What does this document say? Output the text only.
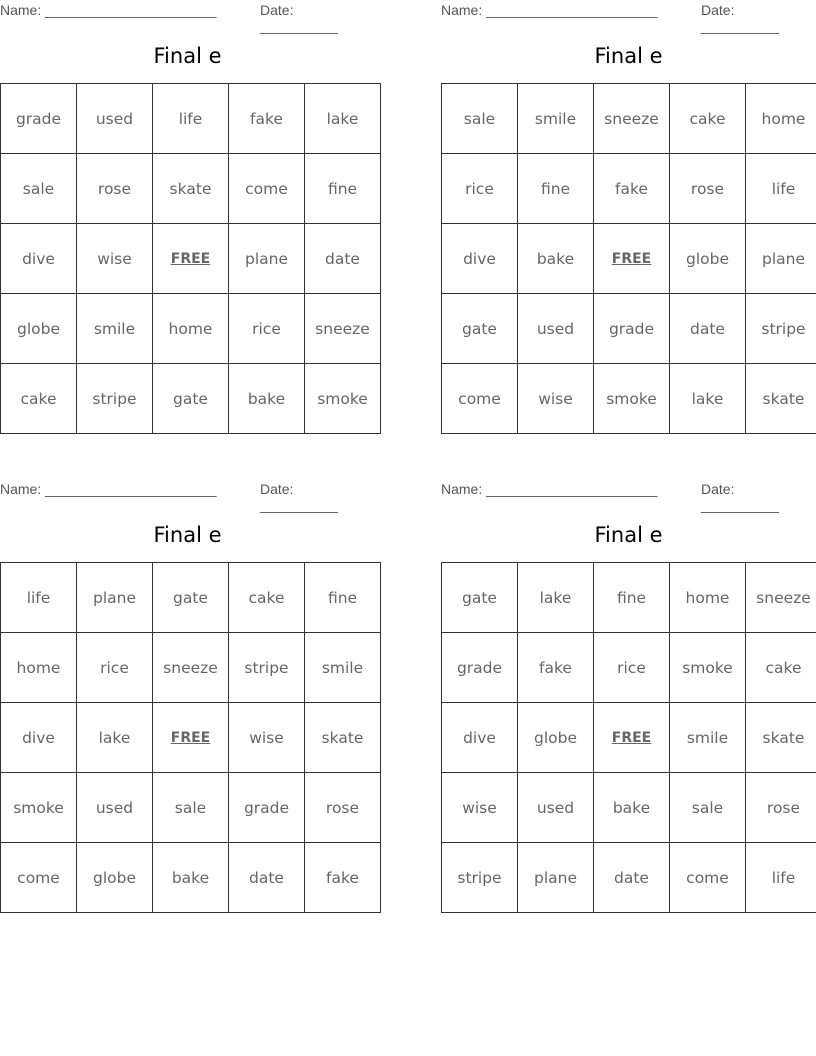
Name: ______________________	Date: __________
Final e
grade	used	life	fake	lake
sale	rose	skate	come	fine
dive	wise	FREE	plane	date
globe	smile	home	rice	sneeze
cake	stripe	gate	bake	smoke
Name: ______________________	Date: __________
Final e
sale	smile	sneeze	cake	home
rice	fine	fake	rose	life
dive	bake	FREE	globe	plane
gate	used	grade	date	stripe
come	wise	smoke	lake	skate
Name: ______________________	Date: __________
Final e
life	plane	gate	cake	fine
home	rice	sneeze	stripe	smile
dive	lake	FREE	wise	skate
smoke	used	sale	grade	rose
come	globe	bake	date	fake
Name: ______________________	Date: __________
Final e
gate	lake	fine	home	sneeze
grade	fake	rice	smoke	cake
dive	globe	FREE	smile	skate
wise	used	bake	sale	rose
stripe	plane	date	come	life
